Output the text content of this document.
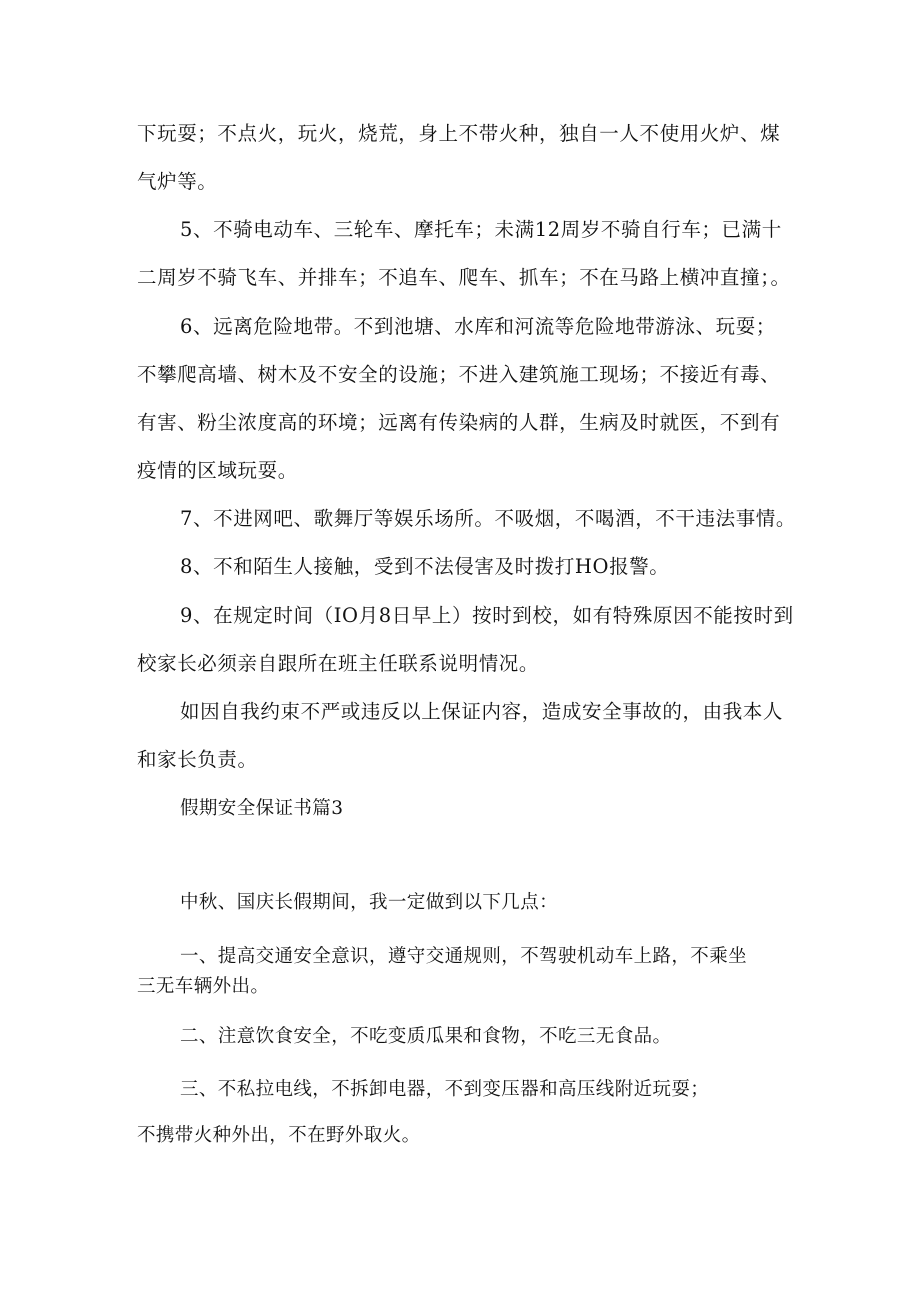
下玩耍；不点火，玩火，烧荒，身上不带火种，独自一人不使用火炉、煤
气炉等。
5、不骑电动车、三轮车、摩托车；未满12周岁不骑自行车；已满十
二周岁不骑飞车、并排车；不追车、爬车、抓车；不在马路上横冲直撞；。
6、远离危险地带。不到池塘、水库和河流等危险地带游泳、玩耍；
不攀爬高墙、树木及不安全的设施；不进入建筑施工现场；不接近有毒、
有害、粉尘浓度高的环境；远离有传染病的人群，生病及时就医，不到有
疫情的区域玩耍。
7、不进网吧、歌舞厅等娱乐场所。不吸烟，不喝酒，不干违法事情。
8、不和陌生人接触，受到不法侵害及时拨打HO报警。
9、在规定时间（IO月8日早上）按时到校，如有特殊原因不能按时到
校家长必须亲自跟所在班主任联系说明情况。
如因自我约束不严或违反以上保证内容，造成安全事故的，由我本人
和家长负责。
假期安全保证书篇3
中秋、国庆长假期间，我一定做到以下几点：
一、提高交通安全意识，遵守交通规则，不驾驶机动车上路，不乘坐
三无车辆外出。
二、注意饮食安全，不吃变质瓜果和食物，不吃三无食品。
三、不私拉电线，不拆卸电器，不到变压器和高压线附近玩耍；
不携带火种外出，不在野外取火。
